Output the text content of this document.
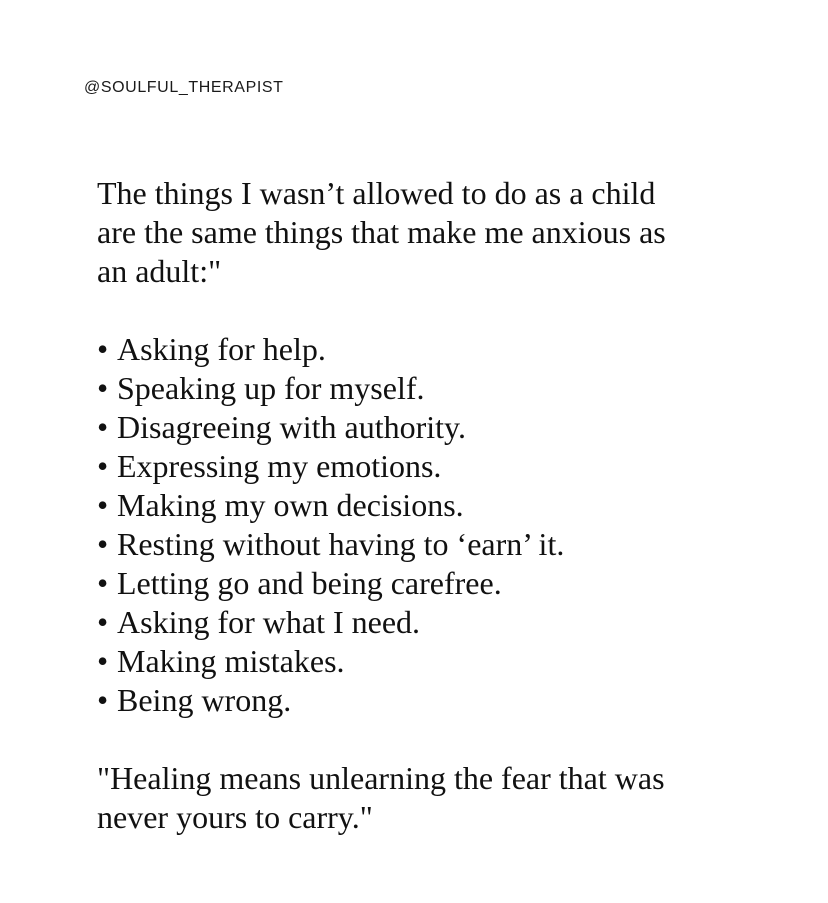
@SOULFUL_THERAPIST

The things I wasn’t allowed to do as a child
are the same things that make me anxious as
an adult:"

• Asking for help.
• Speaking up for myself.
• Disagreeing with authority.
• Expressing my emotions.
• Making my own decisions.
• Resting without having to ‘earn’ it.
• Letting go and being carefree.
• Asking for what I need.
• Making mistakes.
• Being wrong.

"Healing means unlearning the fear that was
never yours to carry."
